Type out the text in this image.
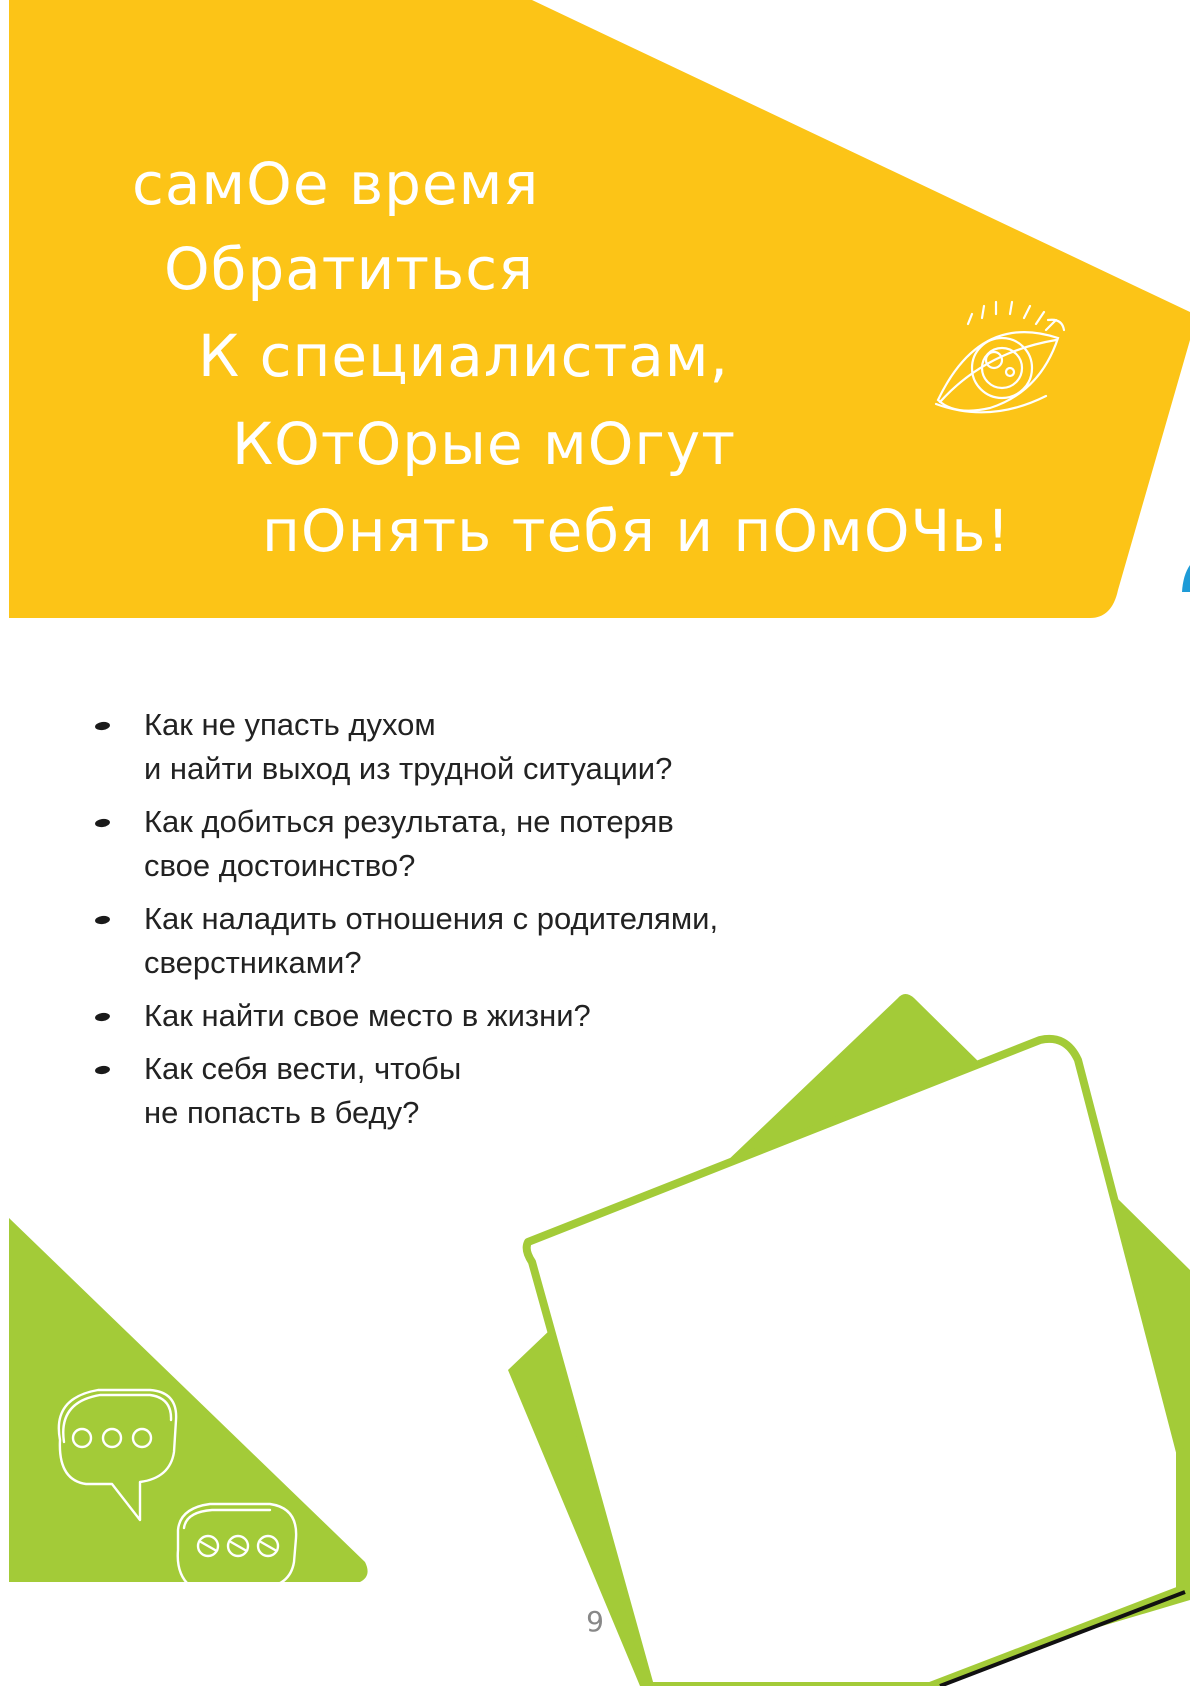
самОе время
Обратиться
К специалистам,
КОтОрые мОгут
пОнять тебя и пОмОЧь!
Как не упасть духом
и найти выход из трудной ситуации?
Как добиться результата, не потеряв
свое достоинство?
Как наладить отношения с родителями,
сверстниками?
Как найти свое место в жизни?
Как себя вести, чтобы
не попасть в беду?
9
